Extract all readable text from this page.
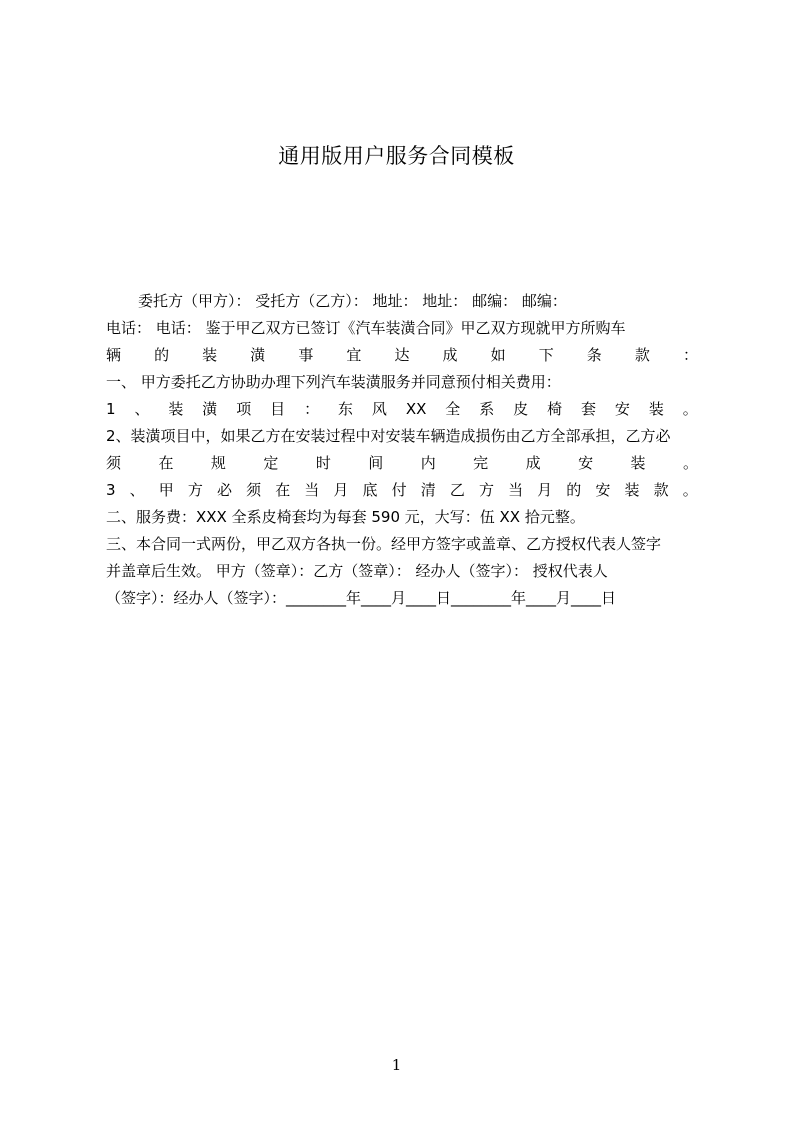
通用版用户服务合同模板
委托方（甲方）： 受托方（乙方）： 地址： 地址： 邮编： 邮编：
电话： 电话： 鉴于甲乙双方已签订《汽车装潢合同》甲乙双方现就甲方所购车
辆 的 装 潢 事 宜 达 成 如 下 条 款 ：
一、 甲方委托乙方协助办理下列汽车装潢服务并同意预付相关费用：
1 、 装 潢 项 目 ： 东 风 XX 全 系 皮 椅 套 安 装 。
2、装潢项目中，如果乙方在安装过程中对安装车辆造成损伤由乙方全部承担，乙方必
须 在 规 定 时 间 内 完 成 安 装 。
3 、 甲 方 必 须 在 当 月 底 付 清 乙 方 当 月 的 安 装 款 。
二、服务费：XXX 全系皮椅套均为每套 590 元，大写：伍 XX 拾元整。
三、本合同一式两份，甲乙双方各执一份。经甲方签字或盖章、乙方授权代表人签字
并盖章后生效。 甲方（签章）：乙方（签章）： 经办人（签字）： 授权代表人
（签字）：经办人（签字）：________年____月____日________年____月____日
1
